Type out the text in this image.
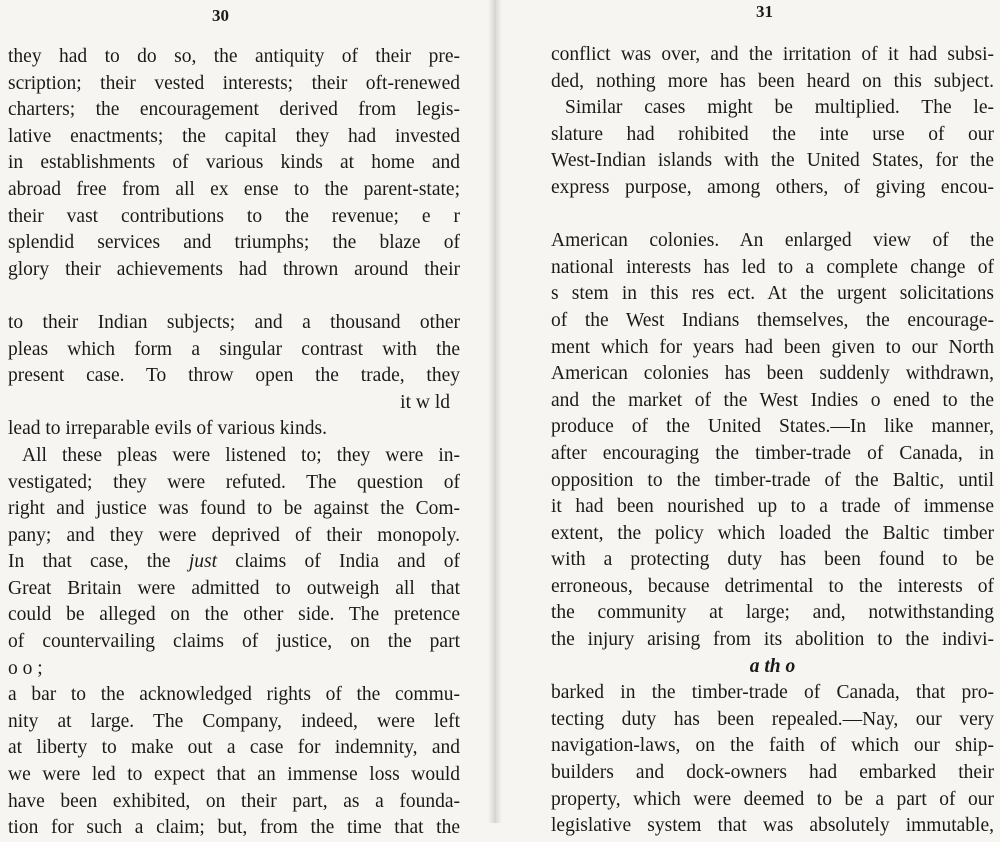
30
they had to do so, the antiquity of their pre-
scription; their vested interests; their oft-renewed
charters; the encouragement derived from legis-
lative enactments; the capital they had invested
in establishments of various kinds at home and
abroad free from all ex ense to the parent-state;
their vast contributions to the revenue; e r
splendid services and triumphs; the blaze of
glory their achievements had thrown around their
to their Indian subjects; and a thousand other
pleas which form a singular contrast with the
present case. To throw open the trade, they
it w ld
lead to irreparable evils of various kinds.
All these pleas were listened to; they were in-
vestigated; they were refuted. The question of
right and justice was found to be against the Com-
pany; and they were deprived of their monopoly.
In that case, the just claims of India and of
Great Britain were admitted to outweigh all that
could be alleged on the other side. The pretence
of countervailing claims of justice, on the part
o o ;
a bar to the acknowledged rights of the commu-
nity at large. The Company, indeed, were left
at liberty to make out a case for indemnity, and
we were led to expect that an immense loss would
have been exhibited, on their part, as a founda-
tion for such a claim; but, from the time that the
31
conflict was over, and the irritation of it had subsi-
ded, nothing more has been heard on this subject.
Similar cases might be multiplied. The le-
slature had rohibited the inte urse of our
West-Indian islands with the United States, for the
express purpose, among others, of giving encou-
American colonies. An enlarged view of the
national interests has led to a complete change of
s stem in this res ect. At the urgent solicitations
of the West Indians themselves, the encourage-
ment which for years had been given to our North
American colonies has been suddenly withdrawn,
and the market of the West Indies o ened to the
produce of the United States.—In like manner,
after encouraging the timber-trade of Canada, in
opposition to the timber-trade of the Baltic, until
it had been nourished up to a trade of immense
extent, the policy which loaded the Baltic timber
with a protecting duty has been found to be
erroneous, because detrimental to the interests of
the community at large; and, notwithstanding
the injury arising from its abolition to the indivi-
a th o
barked in the timber-trade of Canada, that pro-
tecting duty has been repealed.—Nay, our very
navigation-laws, on the faith of which our ship-
builders and dock-owners had embarked their
property, which were deemed to be a part of our
legislative system that was absolutely immutable,
